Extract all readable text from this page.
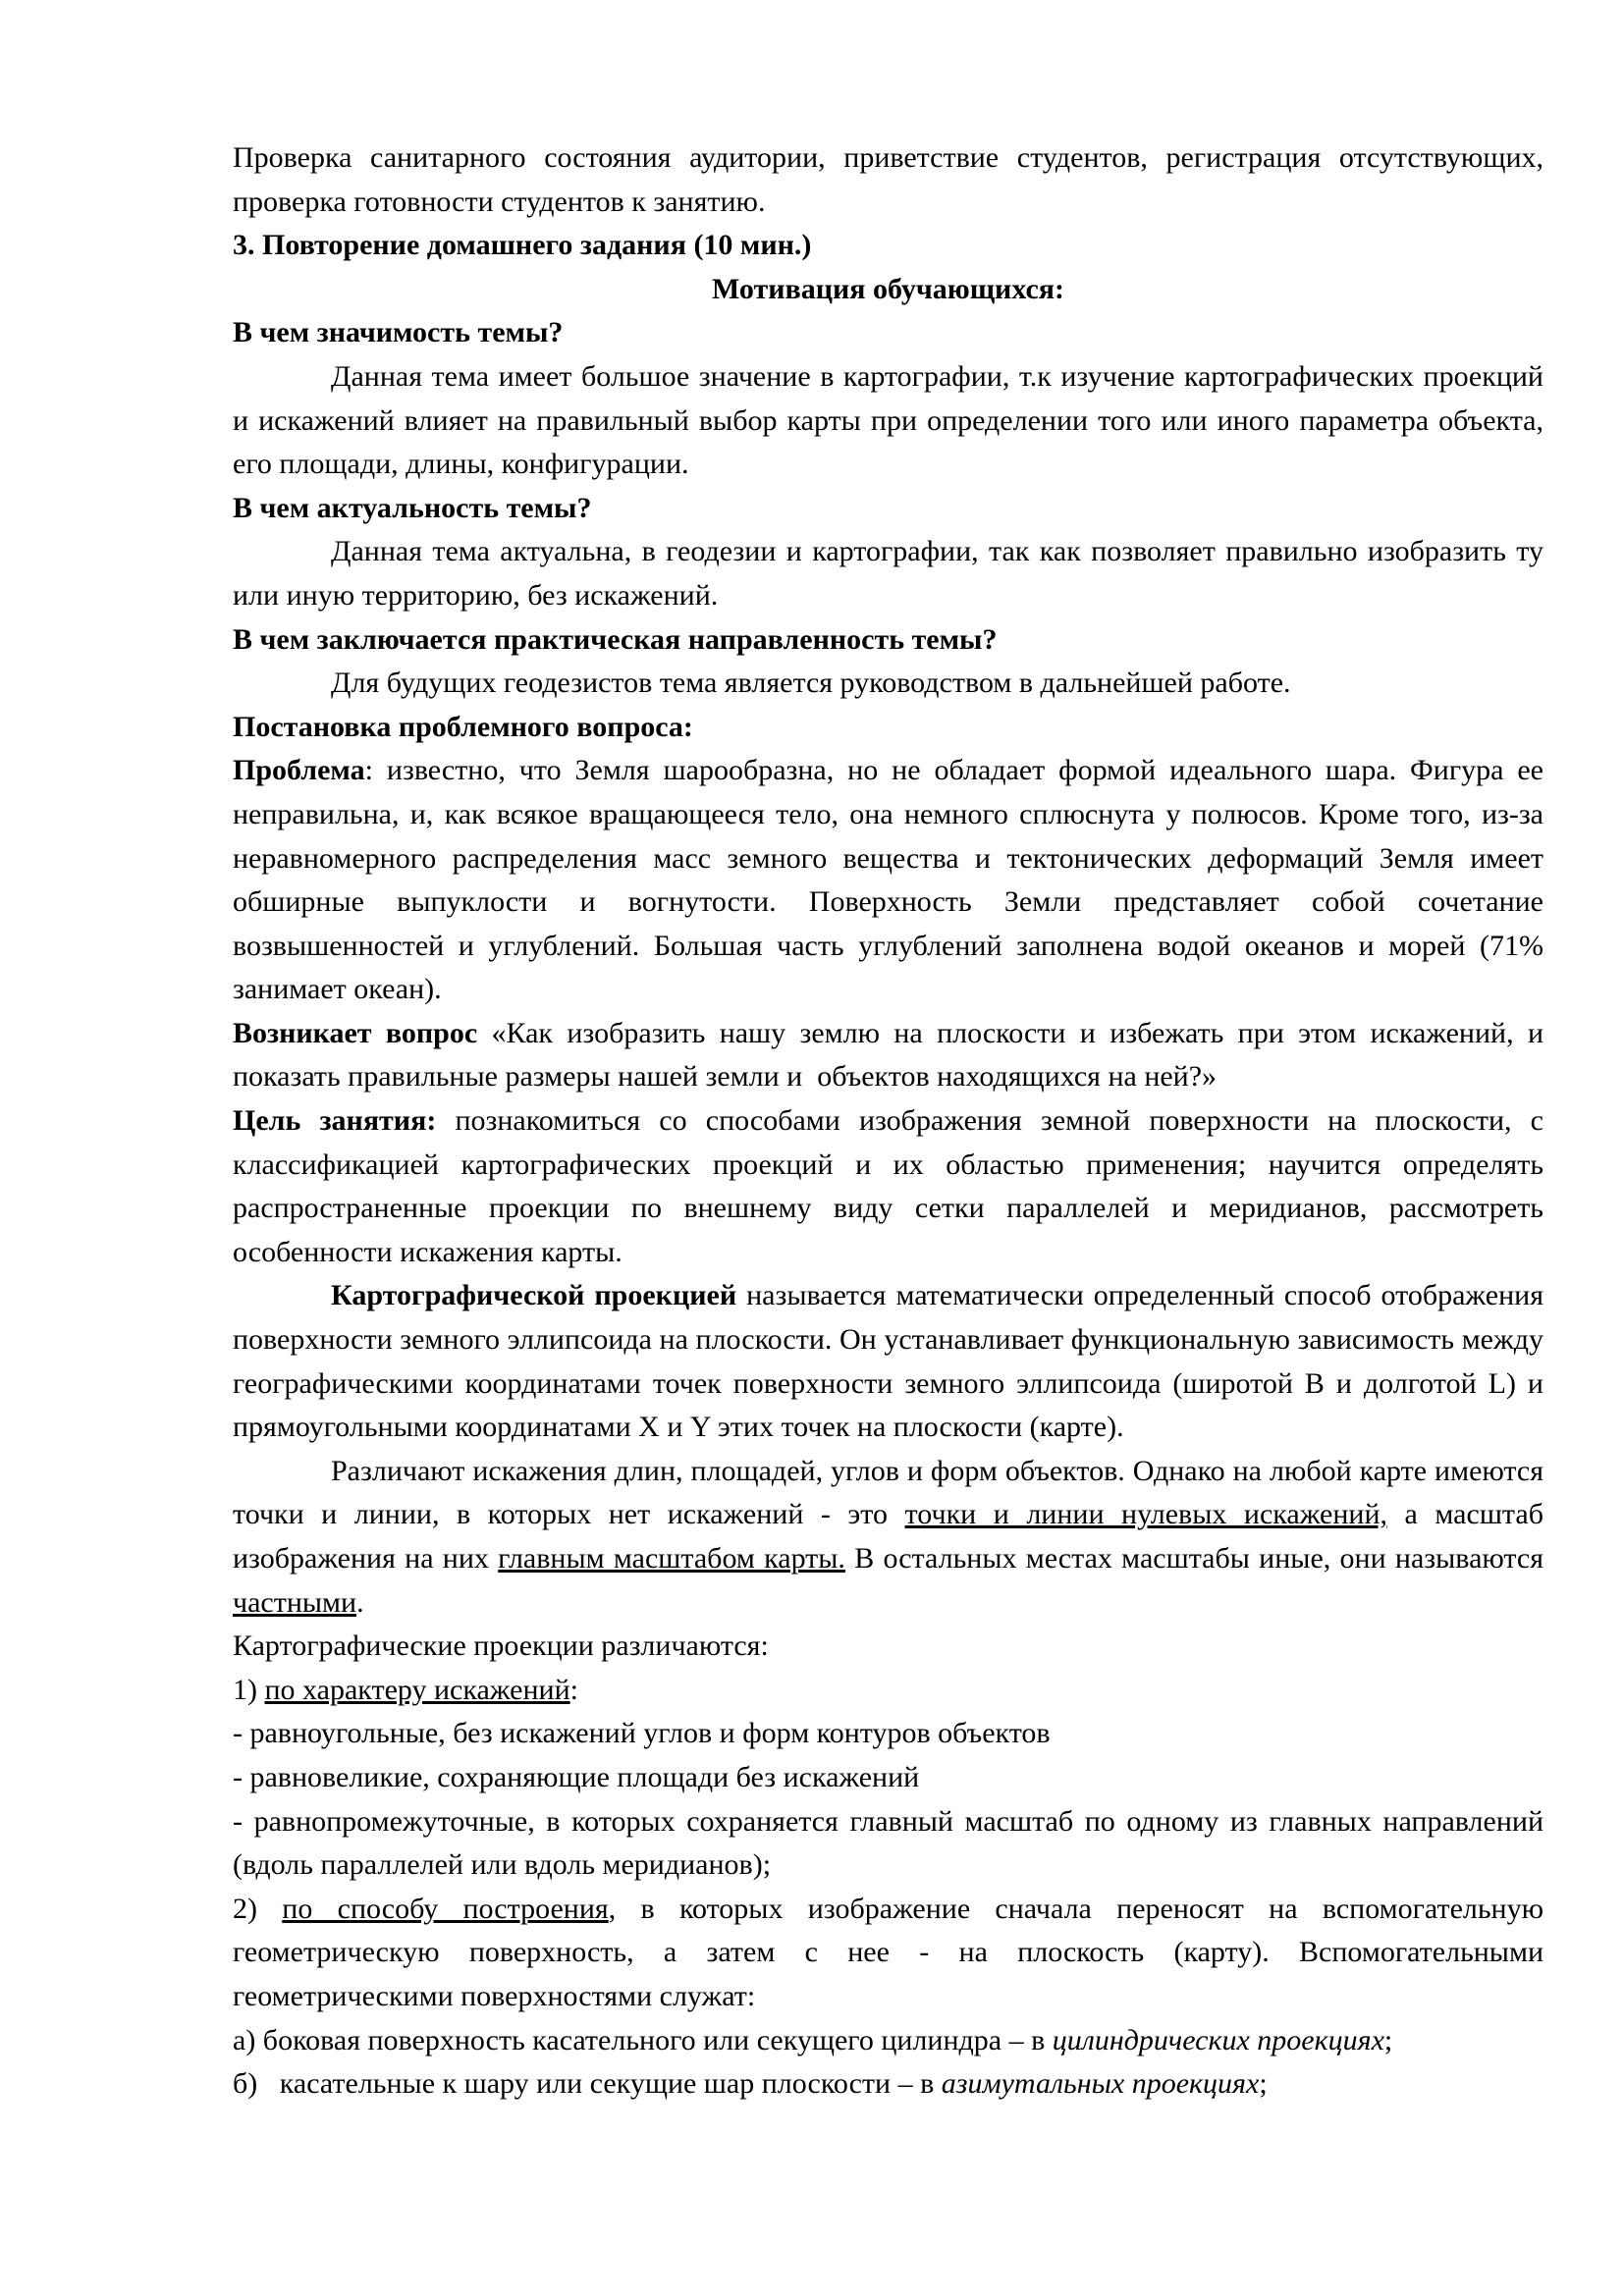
Проверка санитарного состояния аудитории, приветствие студентов, регистрация отсутствующих, проверка готовности студентов к занятию.
3. Повторение домашнего задания (10 мин.)
Мотивация обучающихся:
В чем значимость темы?
Данная тема имеет большое значение в картографии, т.к изучение картографических проекций и искажений влияет на правильный выбор карты при определении того или иного параметра объекта, его площади, длины, конфигурации.
В чем актуальность темы?
Данная тема актуальна, в геодезии и картографии, так как позволяет правильно изобразить ту или иную территорию, без искажений.
В чем заключается практическая направленность темы?
Для будущих геодезистов тема является руководством в дальнейшей работе.
Постановка проблемного вопроса:
Проблема: известно, что Земля шарообразна, но не обладает формой идеального шара. Фигура ее неправильна, и, как всякое вращающееся тело, она немного сплюснута у полюсов. Кроме того, из-за неравномерного распределения масс земного вещества и тектонических деформаций Земля имеет обширные выпуклости и вогнутости. Поверхность Земли представляет собой сочетание возвышенностей и углублений. Большая часть углублений заполнена водой океанов и морей (71% занимает океан).
Возникает вопрос «Как изобразить нашу землю на плоскости и избежать при этом искажений, и показать правильные размеры нашей земли и  объектов находящихся на ней?»
Цель занятия: познакомиться со способами изображения земной поверхности на плоскости, с классификацией картографических проекций и их областью применения; научится определять распространенные проекции по внешнему виду сетки параллелей и меридианов, рассмотреть особенности искажения карты.
Картографической проекцией называется математически определенный способ отображения поверхности земного эллипсоида на плоскости. Он устанавливает функциональную зависимость между географическими координатами точек поверхности земного эллипсоида (широтой B и долготой L) и прямоугольными координатами X и Y этих точек на плоскости (карте).
Различают искажения длин, площадей, углов и форм объектов. Однако на любой карте имеются точки и линии, в которых нет искажений - это точки и линии нулевых искажений, а масштаб изображения на них главным масштабом карты. В остальных местах масштабы иные, они называются частными.
Картографические проекции различаются:
1) по характеру искажений:
- равноугольные, без искажений углов и форм контуров объектов
- равновеликие, сохраняющие площади без искажений
- равнопромежуточные, в которых сохраняется главный масштаб по одному из главных направлений (вдоль параллелей или вдоль меридианов);
2) по способу построения, в которых изображение сначала переносят на вспомогательную геометрическую поверхность, а затем с нее - на плоскость (карту). Вспомогательными геометрическими поверхностями служат:
а) боковая поверхность касательного или секущего цилиндра – в цилиндрических проекциях;
б)   касательные к шару или секущие шар плоскости – в азимутальных проекциях;
